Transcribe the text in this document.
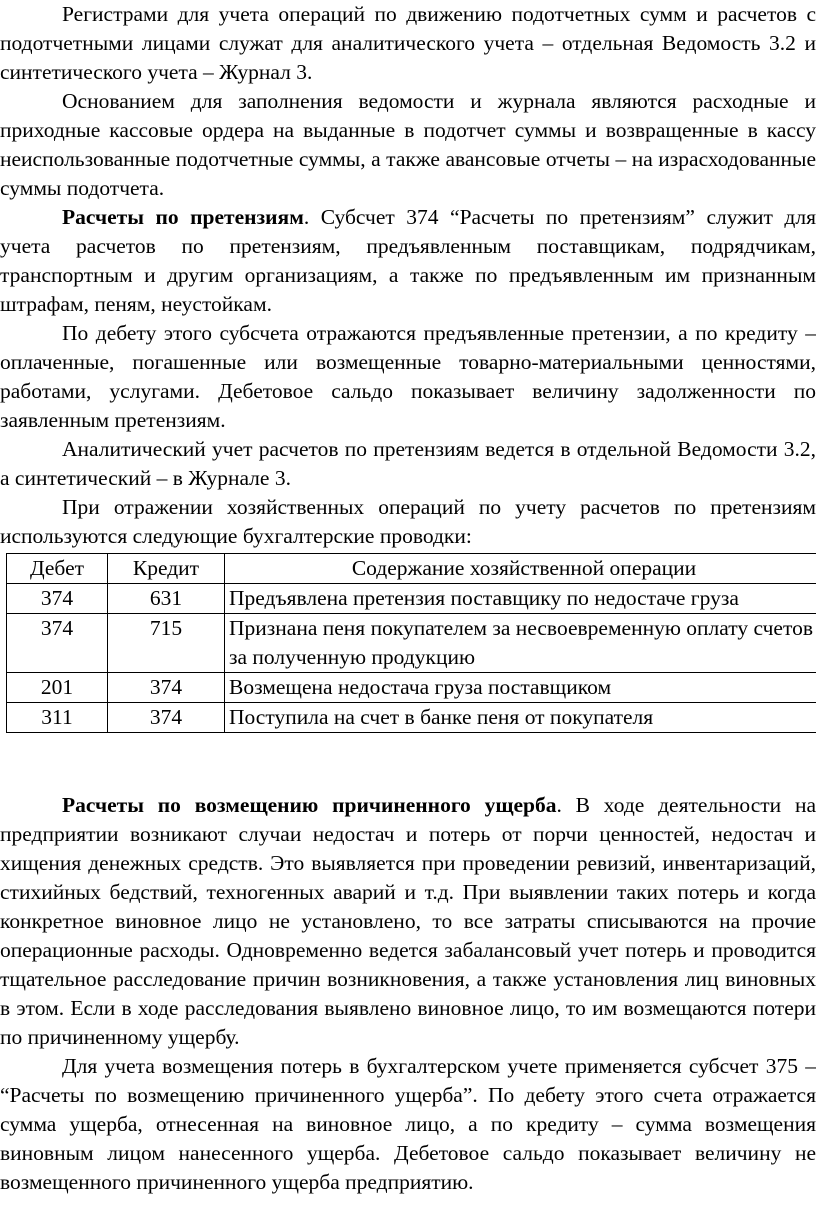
Регистрами для учета операций по движению подотчетных сумм и расчетов с подотчетными лицами служат для аналитического учета – отдельная Ведомость 3.2 и синтетического учета – Журнал 3.

Основанием для заполнения ведомости и журнала являются расходные и приходные кассовые ордера на выданные в подотчет суммы и возвращенные в кассу неиспользованные подотчетные суммы, а также авансовые отчеты – на израсходованные суммы подотчета.

Расчеты по претензиям. Субсчет 374 “Расчеты по претензиям” служит для учета расчетов по претензиям, предъявленным поставщикам, подрядчикам, транспортным и другим организациям, а также по предъявленным им признанным штрафам, пеням, неустойкам.

По дебету этого субсчета отражаются предъявленные претензии, а по кредиту – оплаченные, погашенные или возмещенные товарно-материальными ценностями, работами, услугами. Дебетовое сальдо показывает величину задолженности по заявленным претензиям.

Аналитический учет расчетов по претензиям ведется в отдельной Ведомости 3.2, а синтетический – в Журнале 3.

При отражении хозяйственных операций по учету расчетов по претензиям используются следующие бухгалтерские проводки:

Дебет	Кредит	Содержание хозяйственной операции
374	631	Предъявлена претензия поставщику по недостаче груза
374	715	Признана пеня покупателем за несвоевременную оплату счетов за полученную продукцию
201	374	Возмещена недостача груза поставщиком
311	374	Поступила на счет в банке пеня от покупателя

Расчеты по возмещению причиненного ущерба. В ходе деятельности на предприятии возникают случаи недостач и потерь от порчи ценностей, недостач и хищения денежных средств. Это выявляется при проведении ревизий, инвентаризаций, стихийных бедствий, техногенных аварий и т.д. При выявлении таких потерь и когда конкретное виновное лицо не установлено, то все затраты списываются на прочие операционные расходы. Одновременно ведется забалансовый учет потерь и проводится тщательное расследование причин возникновения, а также установления лиц виновных в этом. Если в ходе расследования выявлено виновное лицо, то им возмещаются потери по причиненному ущербу.

Для учета возмещения потерь в бухгалтерском учете применяется субсчет 375 – “Расчеты по возмещению причиненного ущерба”. По дебету этого счета отражается сумма ущерба, отнесенная на виновное лицо, а по кредиту – сумма возмещения виновным лицом нанесенного ущерба. Дебетовое сальдо показывает величину не возмещенного причиненного ущерба предприятию.
